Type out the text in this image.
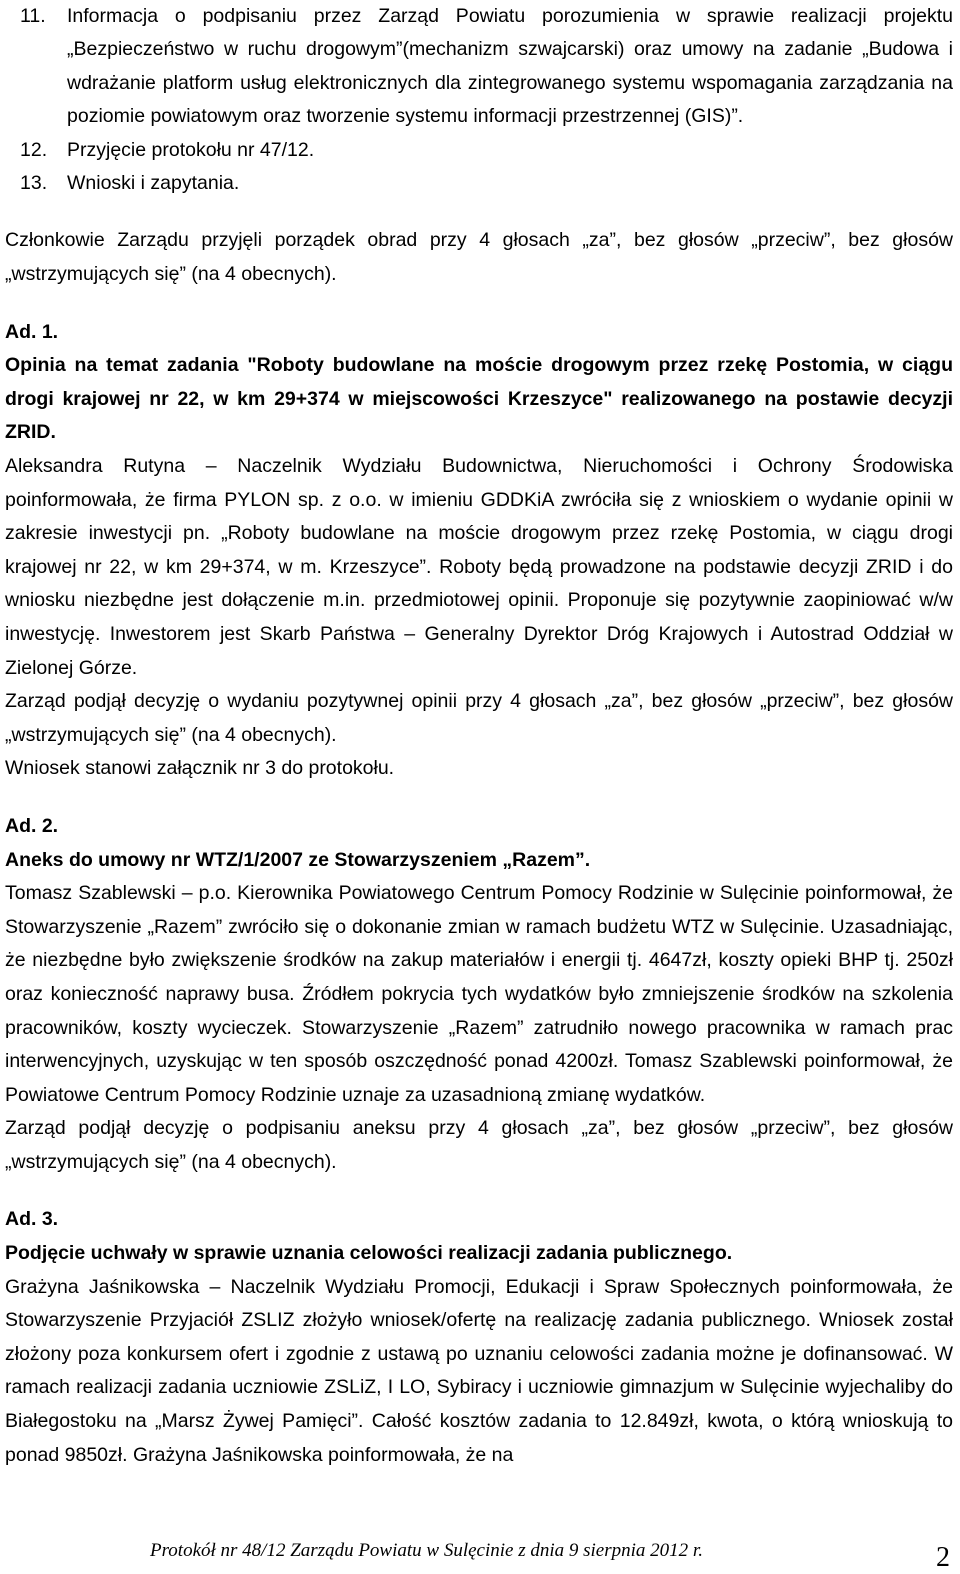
11. Informacja o podpisaniu przez Zarząd Powiatu porozumienia w sprawie realizacji projektu „Bezpieczeństwo w ruchu drogowym”(mechanizm szwajcarski) oraz umowy na zadanie „Budowa i wdrażanie platform usług elektronicznych dla zintegrowanego systemu wspomagania zarządzania na poziomie powiatowym oraz tworzenie systemu informacji przestrzennej (GIS)”.
12. Przyjęcie protokołu nr 47/12.
13. Wnioski i zapytania.

Członkowie Zarządu przyjęli porządek obrad przy 4 głosach „za”, bez głosów „przeciw”, bez głosów „wstrzymujących się” (na 4 obecnych).

Ad. 1.

Opinia na temat zadania "Roboty budowlane na moście drogowym przez rzekę Postomia, w ciągu drogi krajowej nr 22, w km 29+374 w miejscowości Krzeszyce" realizowanego na postawie decyzji ZRID.

Aleksandra Rutyna – Naczelnik Wydziału Budownictwa, Nieruchomości i Ochrony Środowiska poinformowała, że firma PYLON sp. z o.o. w imieniu GDDKiA zwróciła się z wnioskiem o wydanie opinii w zakresie inwestycji pn. „Roboty budowlane na moście drogowym przez rzekę Postomia, w ciągu drogi krajowej nr 22, w km 29+374, w m. Krzeszyce”. Roboty będą prowadzone na podstawie decyzji ZRID i do wniosku niezbędne jest dołączenie m.in. przedmiotowej opinii. Proponuje się pozytywnie zaopiniować w/w inwestycję. Inwestorem jest Skarb Państwa – Generalny Dyrektor Dróg Krajowych i Autostrad Oddział w Zielonej Górze.

Zarząd podjął decyzję o wydaniu pozytywnej opinii przy 4 głosach „za”, bez głosów „przeciw”, bez głosów „wstrzymujących się” (na 4 obecnych).

Wniosek stanowi załącznik nr 3 do protokołu.

Ad. 2.

Aneks do umowy nr WTZ/1/2007 ze Stowarzyszeniem „Razem”.

Tomasz Szablewski – p.o. Kierownika Powiatowego Centrum Pomocy Rodzinie w Sulęcinie poinformował, że Stowarzyszenie „Razem” zwróciło się o dokonanie zmian w ramach budżetu WTZ w Sulęcinie. Uzasadniając, że niezbędne było zwiększenie środków na zakup materiałów i energii tj. 4647zł, koszty opieki BHP tj. 250zł oraz konieczność naprawy busa. Źródłem pokrycia tych wydatków było zmniejszenie środków na szkolenia pracowników, koszty wycieczek. Stowarzyszenie „Razem” zatrudniło nowego pracownika w ramach prac interwencyjnych, uzyskując w ten sposób oszczędność ponad 4200zł. Tomasz Szablewski poinformował, że Powiatowe Centrum Pomocy Rodzinie uznaje za uzasadnioną zmianę wydatków.

Zarząd podjął decyzję o podpisaniu aneksu przy 4 głosach „za”, bez głosów „przeciw”, bez głosów „wstrzymujących się” (na 4 obecnych).

Ad. 3.

Podjęcie uchwały w sprawie uznania celowości realizacji zadania publicznego.

Grażyna Jaśnikowska – Naczelnik Wydziału Promocji, Edukacji i Spraw Społecznych poinformowała, że Stowarzyszenie Przyjaciół ZSLIZ złożyło wniosek/ofertę na realizację zadania publicznego. Wniosek został złożony poza konkursem ofert i zgodnie z ustawą po uznaniu celowości zadania możne je dofinansować. W ramach realizacji zadania uczniowie ZSLiZ, I LO, Sybiracy i uczniowie gimnazjum w Sulęcinie wyjechaliby do Białegostoku na „Marsz Żywej Pamięci”. Całość kosztów zadania to 12.849zł, kwota, o którą wnioskują to ponad 9850zł. Grażyna Jaśnikowska poinformowała, że na

Protokół nr 48/12 Zarządu Powiatu w Sulęcinie z dnia 9 sierpnia 2012 r.	2
